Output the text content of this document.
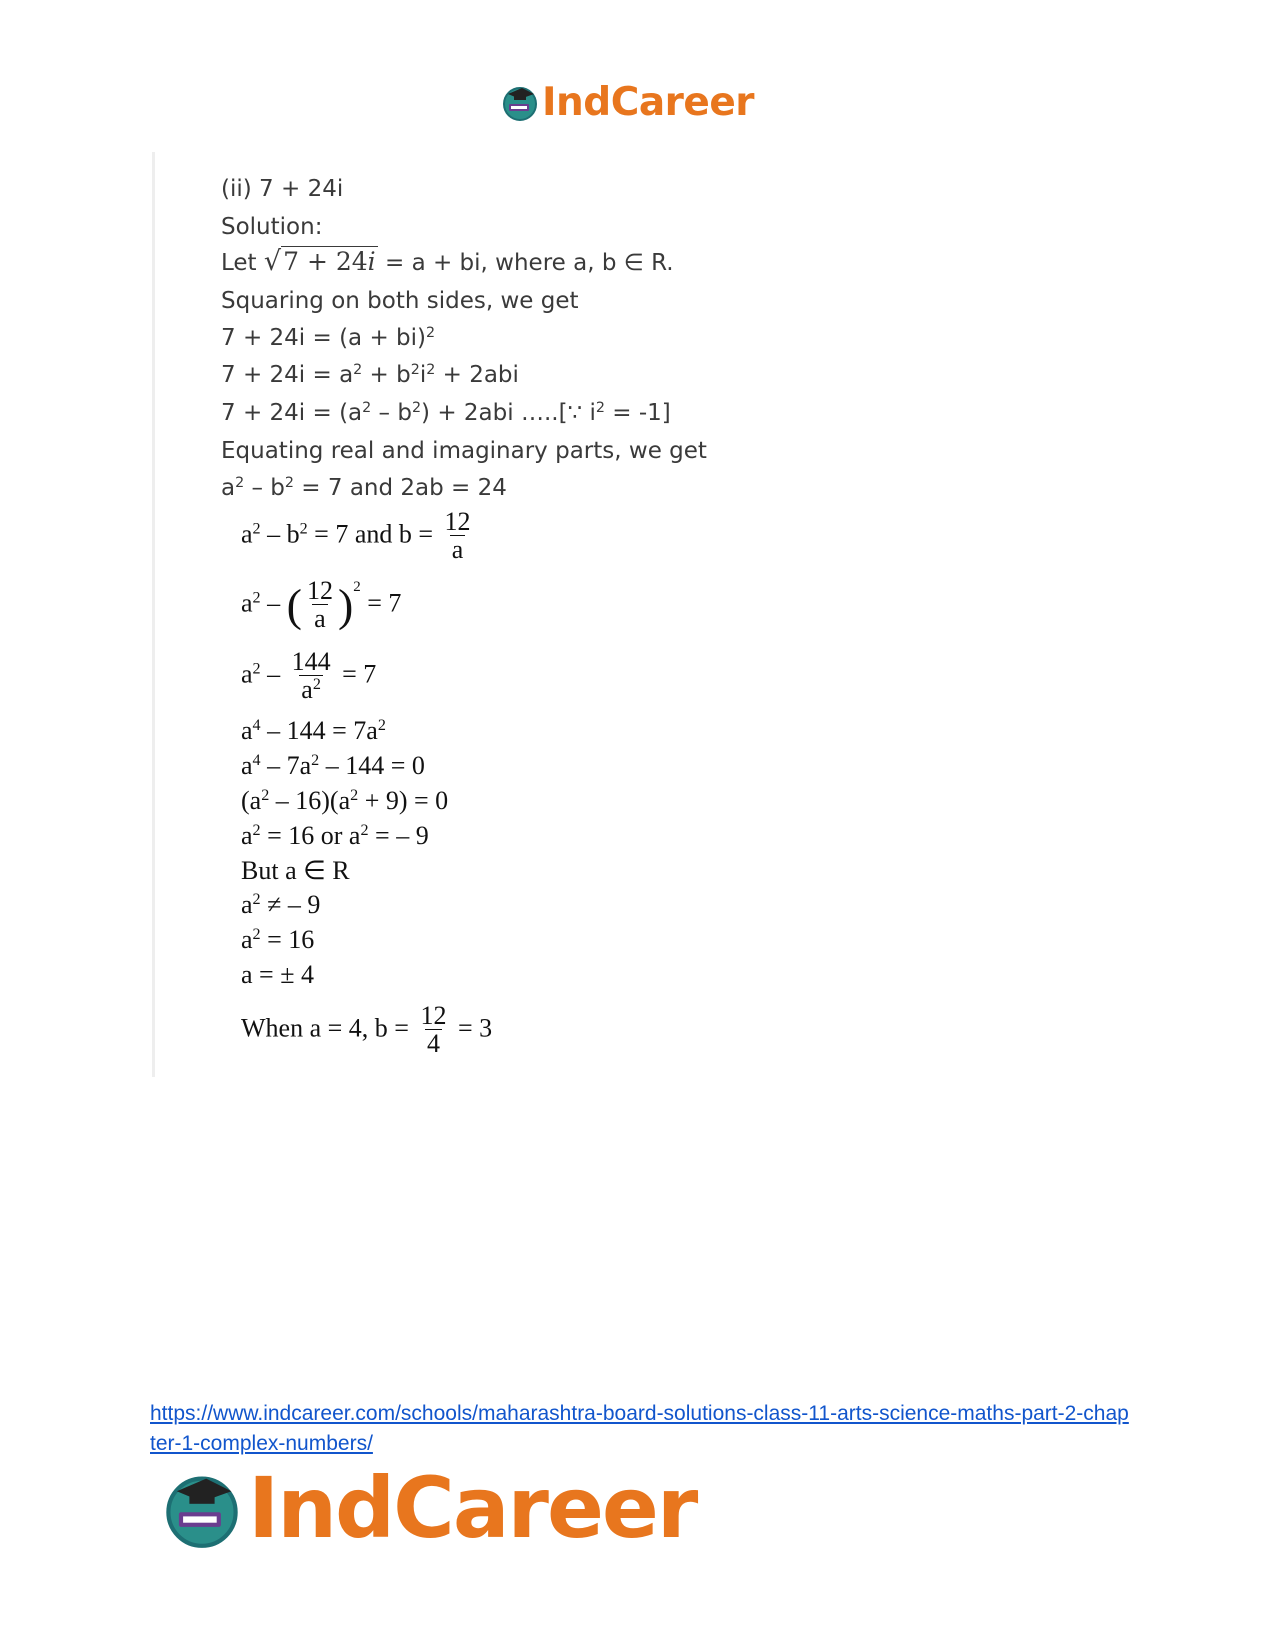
IndCareer
(ii) 7 + 24i
Solution:
Let √7 + 24i = a + bi, where a, b ∈ R.
Squaring on both sides, we get
7 + 24i = (a + bi)$^2$
$7 + 24i = a^2 + b^2i^2 + 2abi$
$7 + 24i = (a^2 - b^2) + 2abi$ …..[∵ $i^2 = -1$]
Equating real and imaginary parts, we get
$a^2 - b^2 = 7$ and 2ab = 24
$a^2 - b^2 = 7$ and $b = \frac{12}{a}$
$a^2$ – ( $\frac{12}{a} )^2 = 7$
$a^2 - \frac{144}{a^2} = 7$
$a^4 - 144 = 7a^2$
$a^4 - 7a^2 - 144 = 0$
$(a^2 - 16)(a^2 + 9) = 0$
$a^2 = 16$ or $a^2$ = – 9
But a ∈ R
$a^2$ ≠ – 9
$a^2 = 16$
a = ± 4
When a = 4, $b = \frac{12}{4} = 3$
https://www.indcareer.com/schools/maharashtra-board-solutions-class-11-arts-science-maths-part-2-chapter-1-complex-numbers/
IndCareer
